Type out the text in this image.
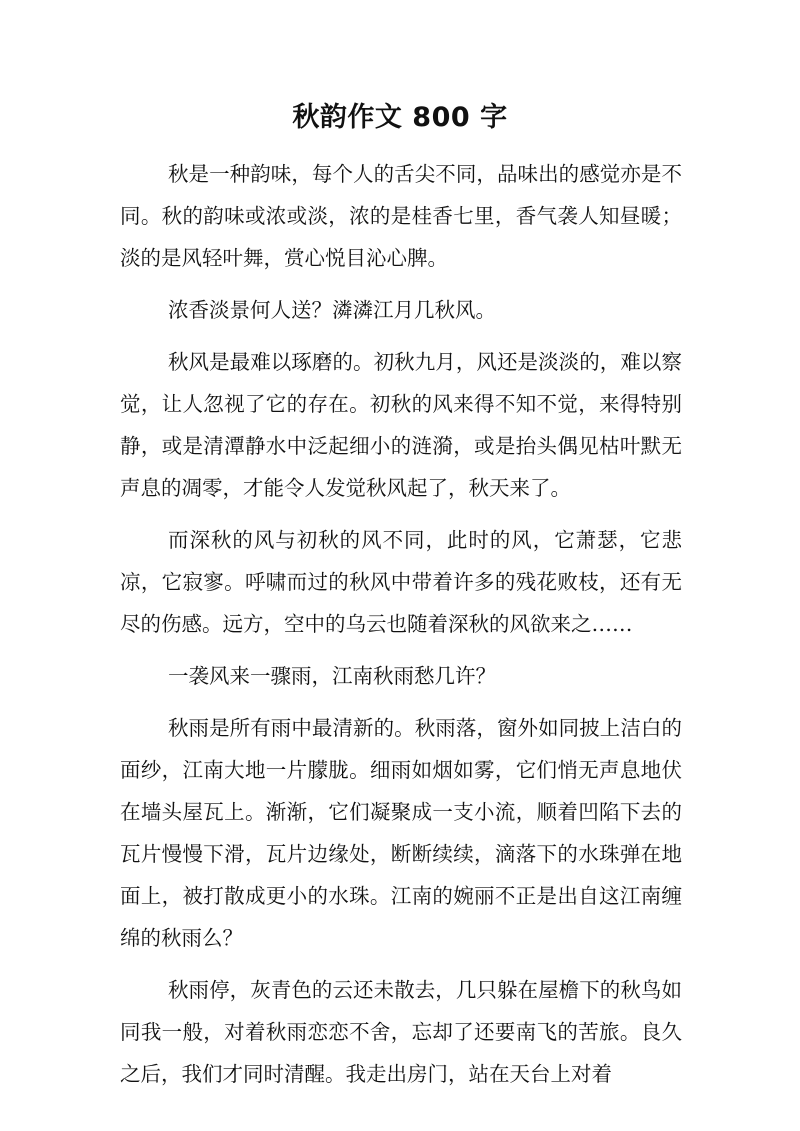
秋韵作文 800 字

秋是一种韵味，每个人的舌尖不同，品味出的感觉亦是不同。秋的韵味或浓或淡，浓的是桂香七里，香气袭人知昼暖；淡的是风轻叶舞，赏心悦目沁心脾。

浓香淡景何人送？潾潾江月几秋风。

秋风是最难以琢磨的。初秋九月，风还是淡淡的，难以察觉，让人忽视了它的存在。初秋的风来得不知不觉，来得特别静，或是清潭静水中泛起细小的涟漪，或是抬头偶见枯叶默无声息的凋零，才能令人发觉秋风起了，秋天来了。

而深秋的风与初秋的风不同，此时的风，它萧瑟，它悲凉，它寂寥。呼啸而过的秋风中带着许多的残花败枝，还有无尽的伤感。远方，空中的乌云也随着深秋的风欲来之……

一袭风来一骤雨，江南秋雨愁几许？

秋雨是所有雨中最清新的。秋雨落，窗外如同披上洁白的面纱，江南大地一片朦胧。细雨如烟如雾，它们悄无声息地伏在墙头屋瓦上。渐渐，它们凝聚成一支小流，顺着凹陷下去的瓦片慢慢下滑，瓦片边缘处，断断续续，滴落下的水珠弹在地面上，被打散成更小的水珠。江南的婉丽不正是出自这江南缠绵的秋雨么？

秋雨停，灰青色的云还未散去，几只躲在屋檐下的秋鸟如同我一般，对着秋雨恋恋不舍，忘却了还要南飞的苦旅。良久之后，我们才同时清醒。我走出房门，站在天台上对着
